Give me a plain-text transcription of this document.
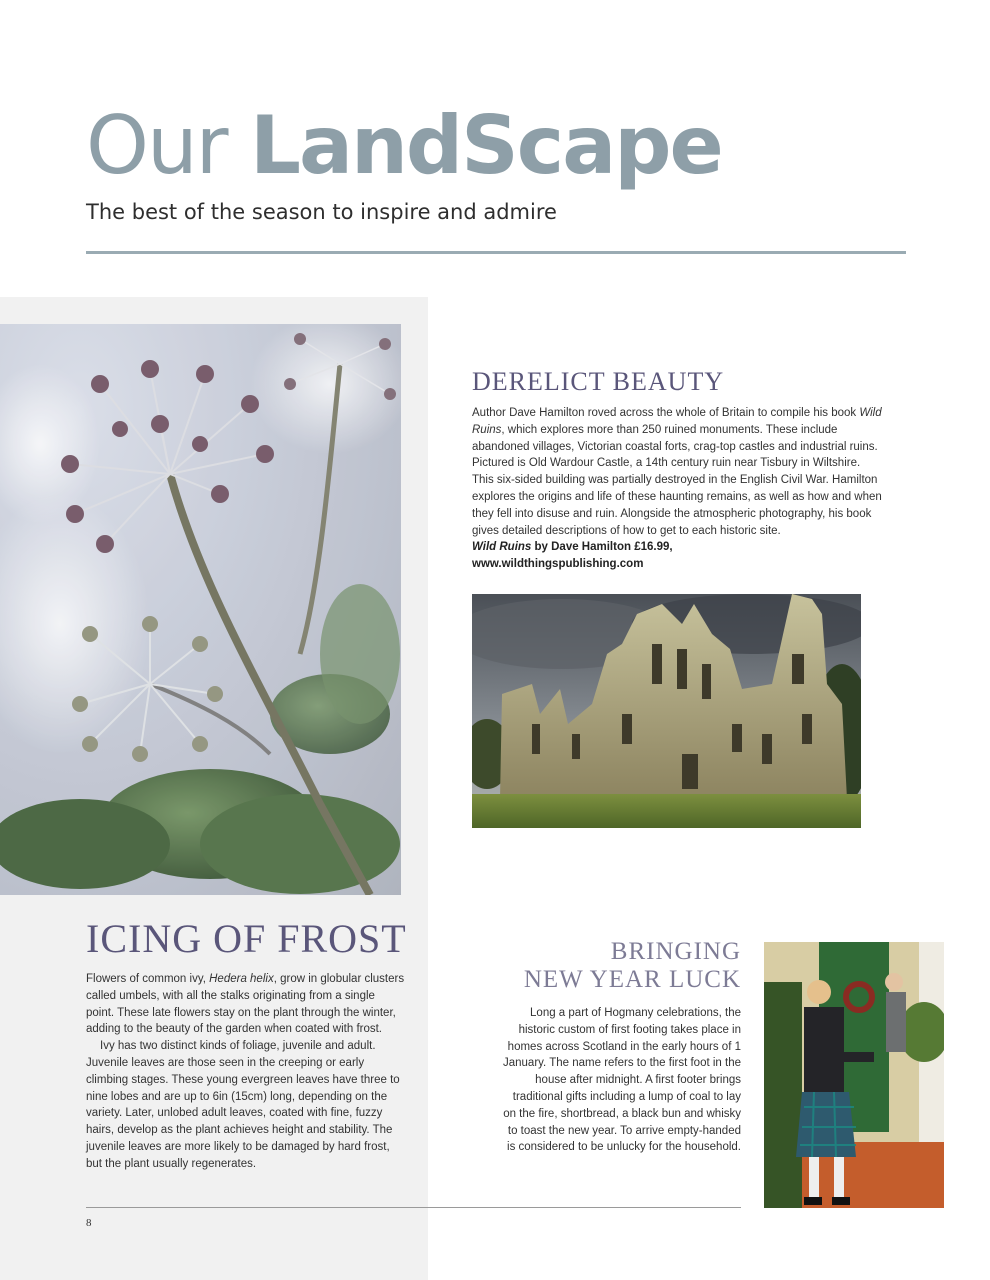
Our LandScape
The best of the season to inspire and admire
ICING OF FROST

Flowers of common ivy, Hedera helix, grow in globular clusters called umbels, with all the stalks originating from a single point. These late flowers stay on the plant through the winter, adding to the beauty of the garden when coated with frost.

Ivy has two distinct kinds of foliage, juvenile and adult. Juvenile leaves are those seen in the creeping or early climbing stages. These young evergreen leaves have three to nine lobes and are up to 6in (15cm) long, depending on the variety. Later, unlobed adult leaves, coated with fine, fuzzy hairs, develop as the plant achieves height and stability. The juvenile leaves are more likely to be damaged by hard frost, but the plant usually regenerates.

DERELICT BEAUTY

Author Dave Hamilton roved across the whole of Britain to compile his book Wild Ruins, which explores more than 250 ruined monuments. These include abandoned villages, Victorian coastal forts, crag-top castles and industrial ruins. Pictured is Old Wardour Castle, a 14th century ruin near Tisbury in Wiltshire. This six-sided building was partially destroyed in the English Civil War. Hamilton explores the origins and life of these haunting remains, as well as how and when they fell into disuse and ruin. Alongside the atmospheric photography, his book gives detailed descriptions of how to get to each historic site.

Wild Ruins by Dave Hamilton £16.99,

www.wildthingspublishing.com

BRINGING
NEW YEAR LUCK
Long a part of Hogmany celebrations, the historic custom of first footing takes place in homes across Scotland in the early hours of 1 January. The name refers to the first foot in the house after midnight. A first footer brings traditional gifts including a lump of coal to lay on the fire, shortbread, a black bun and whisky to toast the new year. To arrive empty-handed is considered to be unlucky for the household.
8
